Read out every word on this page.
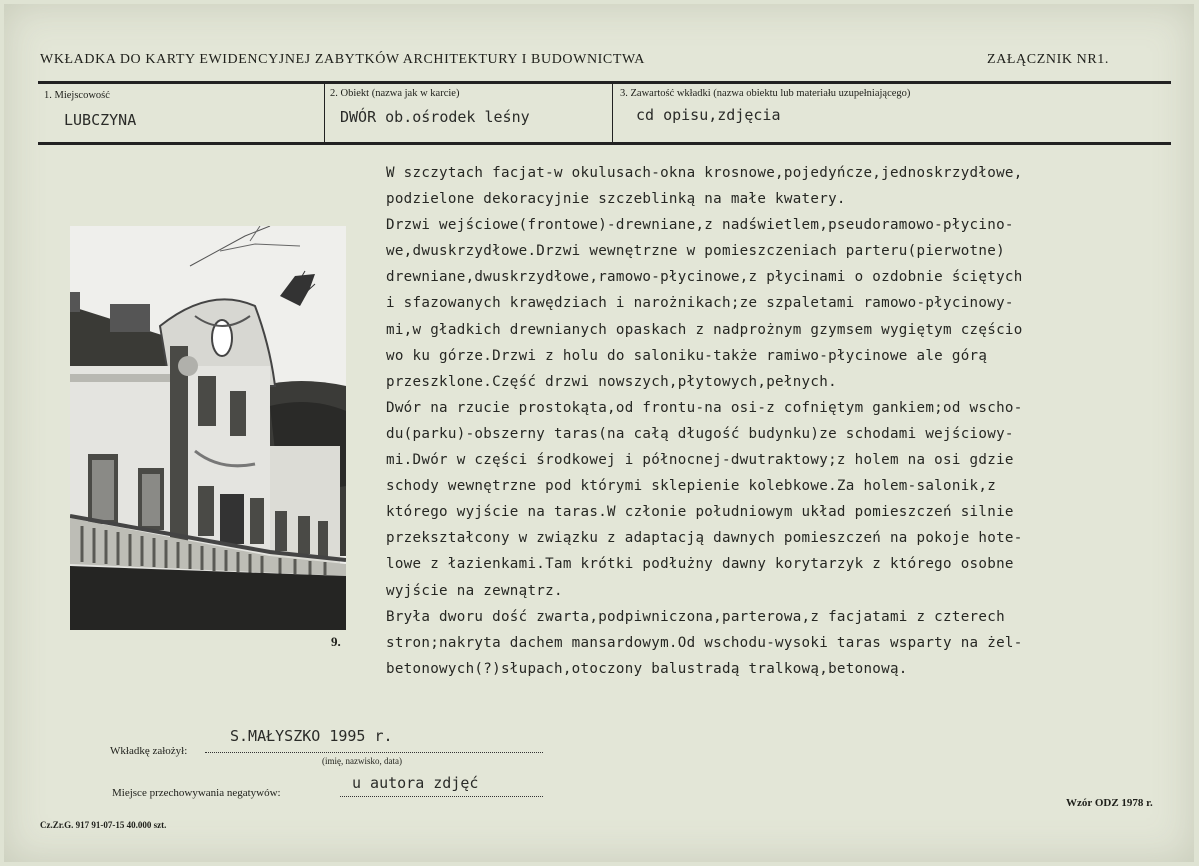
WKŁADKA DO KARTY EWIDENCYJNEJ ZABYTKÓW ARCHITEKTURY I BUDOWNICTWA	ZAŁĄCZNIK NR1.
1. Miejscowość
LUBCZYNA
2. Obiekt (nazwa jak w karcie)
DWÓR ob.ośrodek leśny
3. Zawartość wkładki (nazwa obiektu lub materiału uzupełniającego)
cd opisu,zdjęcia
9.
W szczytach facjat-w okulusach-okna krosnowe,pojedyńcze,jednoskrzydłowe,
podzielone dekoracyjnie szczeblinką na małe kwatery.
Drzwi wejściowe(frontowe)-drewniane,z nadświetlem,pseudoramowo-płycino-
we,dwuskrzydłowe.Drzwi wewnętrzne w pomieszczeniach parteru(pierwotne)
drewniane,dwuskrzydłowe,ramowo-płycinowe,z płycinami o ozdobnie ściętych
i sfazowanych krawędziach i narożnikach;ze szpaletami ramowo-płycinowy-
mi,w gładkich drewnianych opaskach z nadprożnym gzymsem wygiętym częścio
wo ku górze.Drzwi z holu do saloniku-także ramiwo-płycinowe ale górą
przeszklone.Część drzwi nowszych,płytowych,pełnych.
Dwór na rzucie prostokąta,od frontu-na osi-z cofniętym gankiem;od wscho-
du(parku)-obszerny taras(na całą długość budynku)ze schodami wejściowy-
mi.Dwór w części środkowej i północnej-dwutraktowy;z holem na osi gdzie
schody wewnętrzne pod którymi sklepienie kolebkowe.Za holem-salonik,z
którego wyjście na taras.W członie południowym układ pomieszczeń silnie
przekształcony w związku z adaptacją dawnych pomieszczeń na pokoje hote-
lowe z łazienkami.Tam krótki podłużny dawny korytarzyk z którego osobne
wyjście na zewnątrz.
Bryła dworu dość zwarta,podpiwniczona,parterowa,z facjatami z czterech
stron;nakryta dachem mansardowym.Od wschodu-wysoki taras wsparty na żel-
betonowych(?)słupach,otoczony balustradą tralkową,betonową.
S.MAŁYSZKO 1995 r.
Wkładkę założył:
(imię, nazwisko, data)
u autora zdjęć
Miejsce przechowywania negatywów:
Cz.Zr.G. 917 91-07-15 40.000 szt.
Wzór ODZ 1978 r.
